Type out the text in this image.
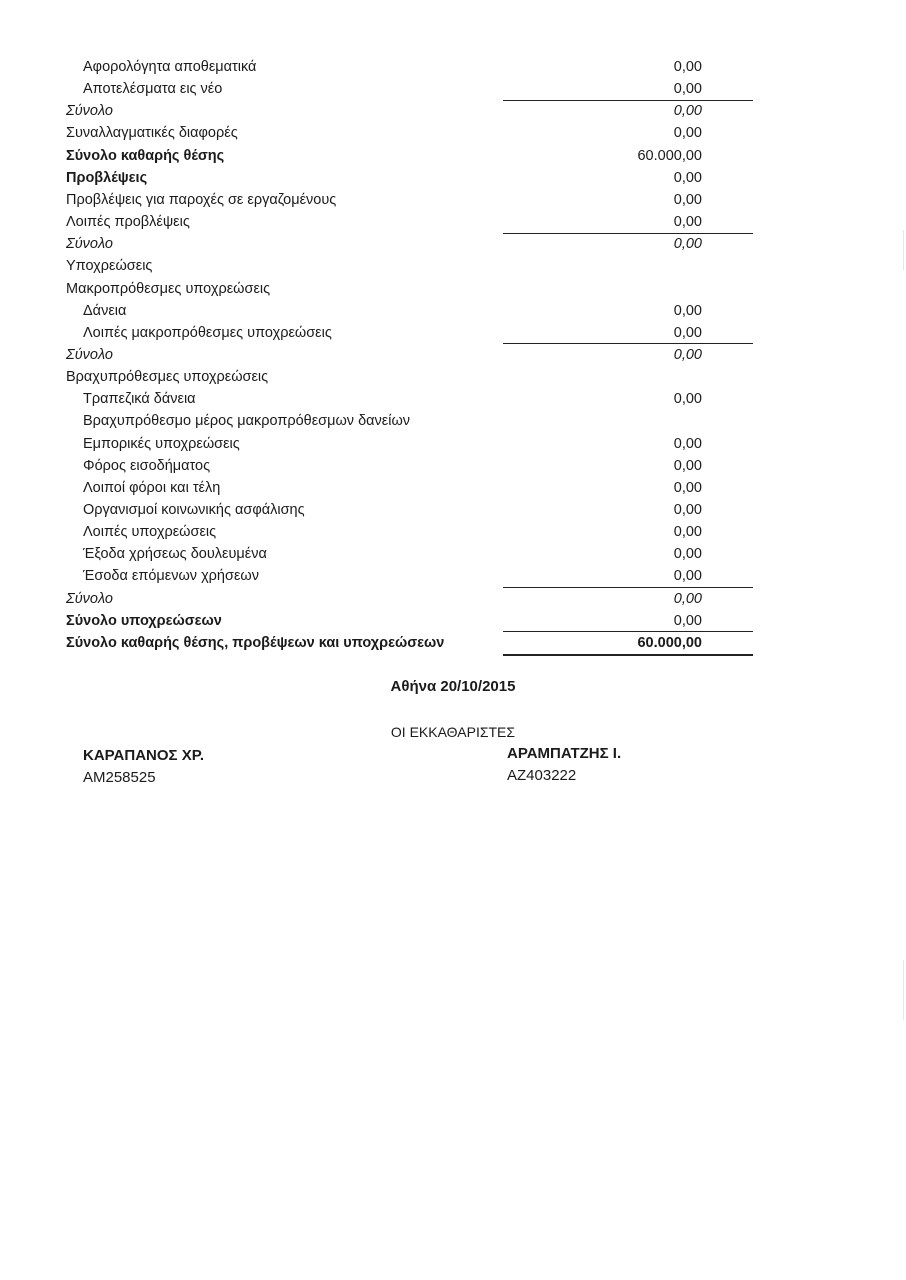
Αφορολόγητα αποθεματικά	0,00
Αποτελέσματα εις νέο	0,00
Σύνολο	0,00
Συναλλαγματικές διαφορές	0,00
Σύνολο καθαρής θέσης	60.000,00
Προβλέψεις	0,00
Προβλέψεις για παροχές σε εργαζομένους	0,00
Λοιπές προβλέψεις	0,00
Σύνολο	0,00
Υποχρεώσεις
Μακροπρόθεσμες υποχρεώσεις
Δάνεια	0,00
Λοιπές μακροπρόθεσμες υποχρεώσεις	0,00
Σύνολο	0,00
Βραχυπρόθεσμες υποχρεώσεις
Τραπεζικά δάνεια	0,00
Βραχυπρόθεσμο μέρος μακροπρόθεσμων δανείων
Εμπορικές υποχρεώσεις	0,00
Φόρος εισοδήματος	0,00
Λοιποί φόροι και τέλη	0,00
Οργανισμοί κοινωνικής ασφάλισης	0,00
Λοιπές υποχρεώσεις	0,00
Έξοδα χρήσεως δουλευμένα	0,00
Έσοδα επόμενων χρήσεων	0,00
Σύνολο	0,00
Σύνολο υποχρεώσεων	0,00
Σύνολο καθαρής θέσης, προβέψεων και υποχρεώσεων	60.000,00
Αθήνα 20/10/2015
ΟΙ ΕΚΚΑΘΑΡΙΣΤΕΣ
ΚΑΡΑΠΑΝΟΣ ΧΡ.
ΑΜ258525
ΑΡΑΜΠΑΤΖΗΣ Ι.
ΑΖ403222
